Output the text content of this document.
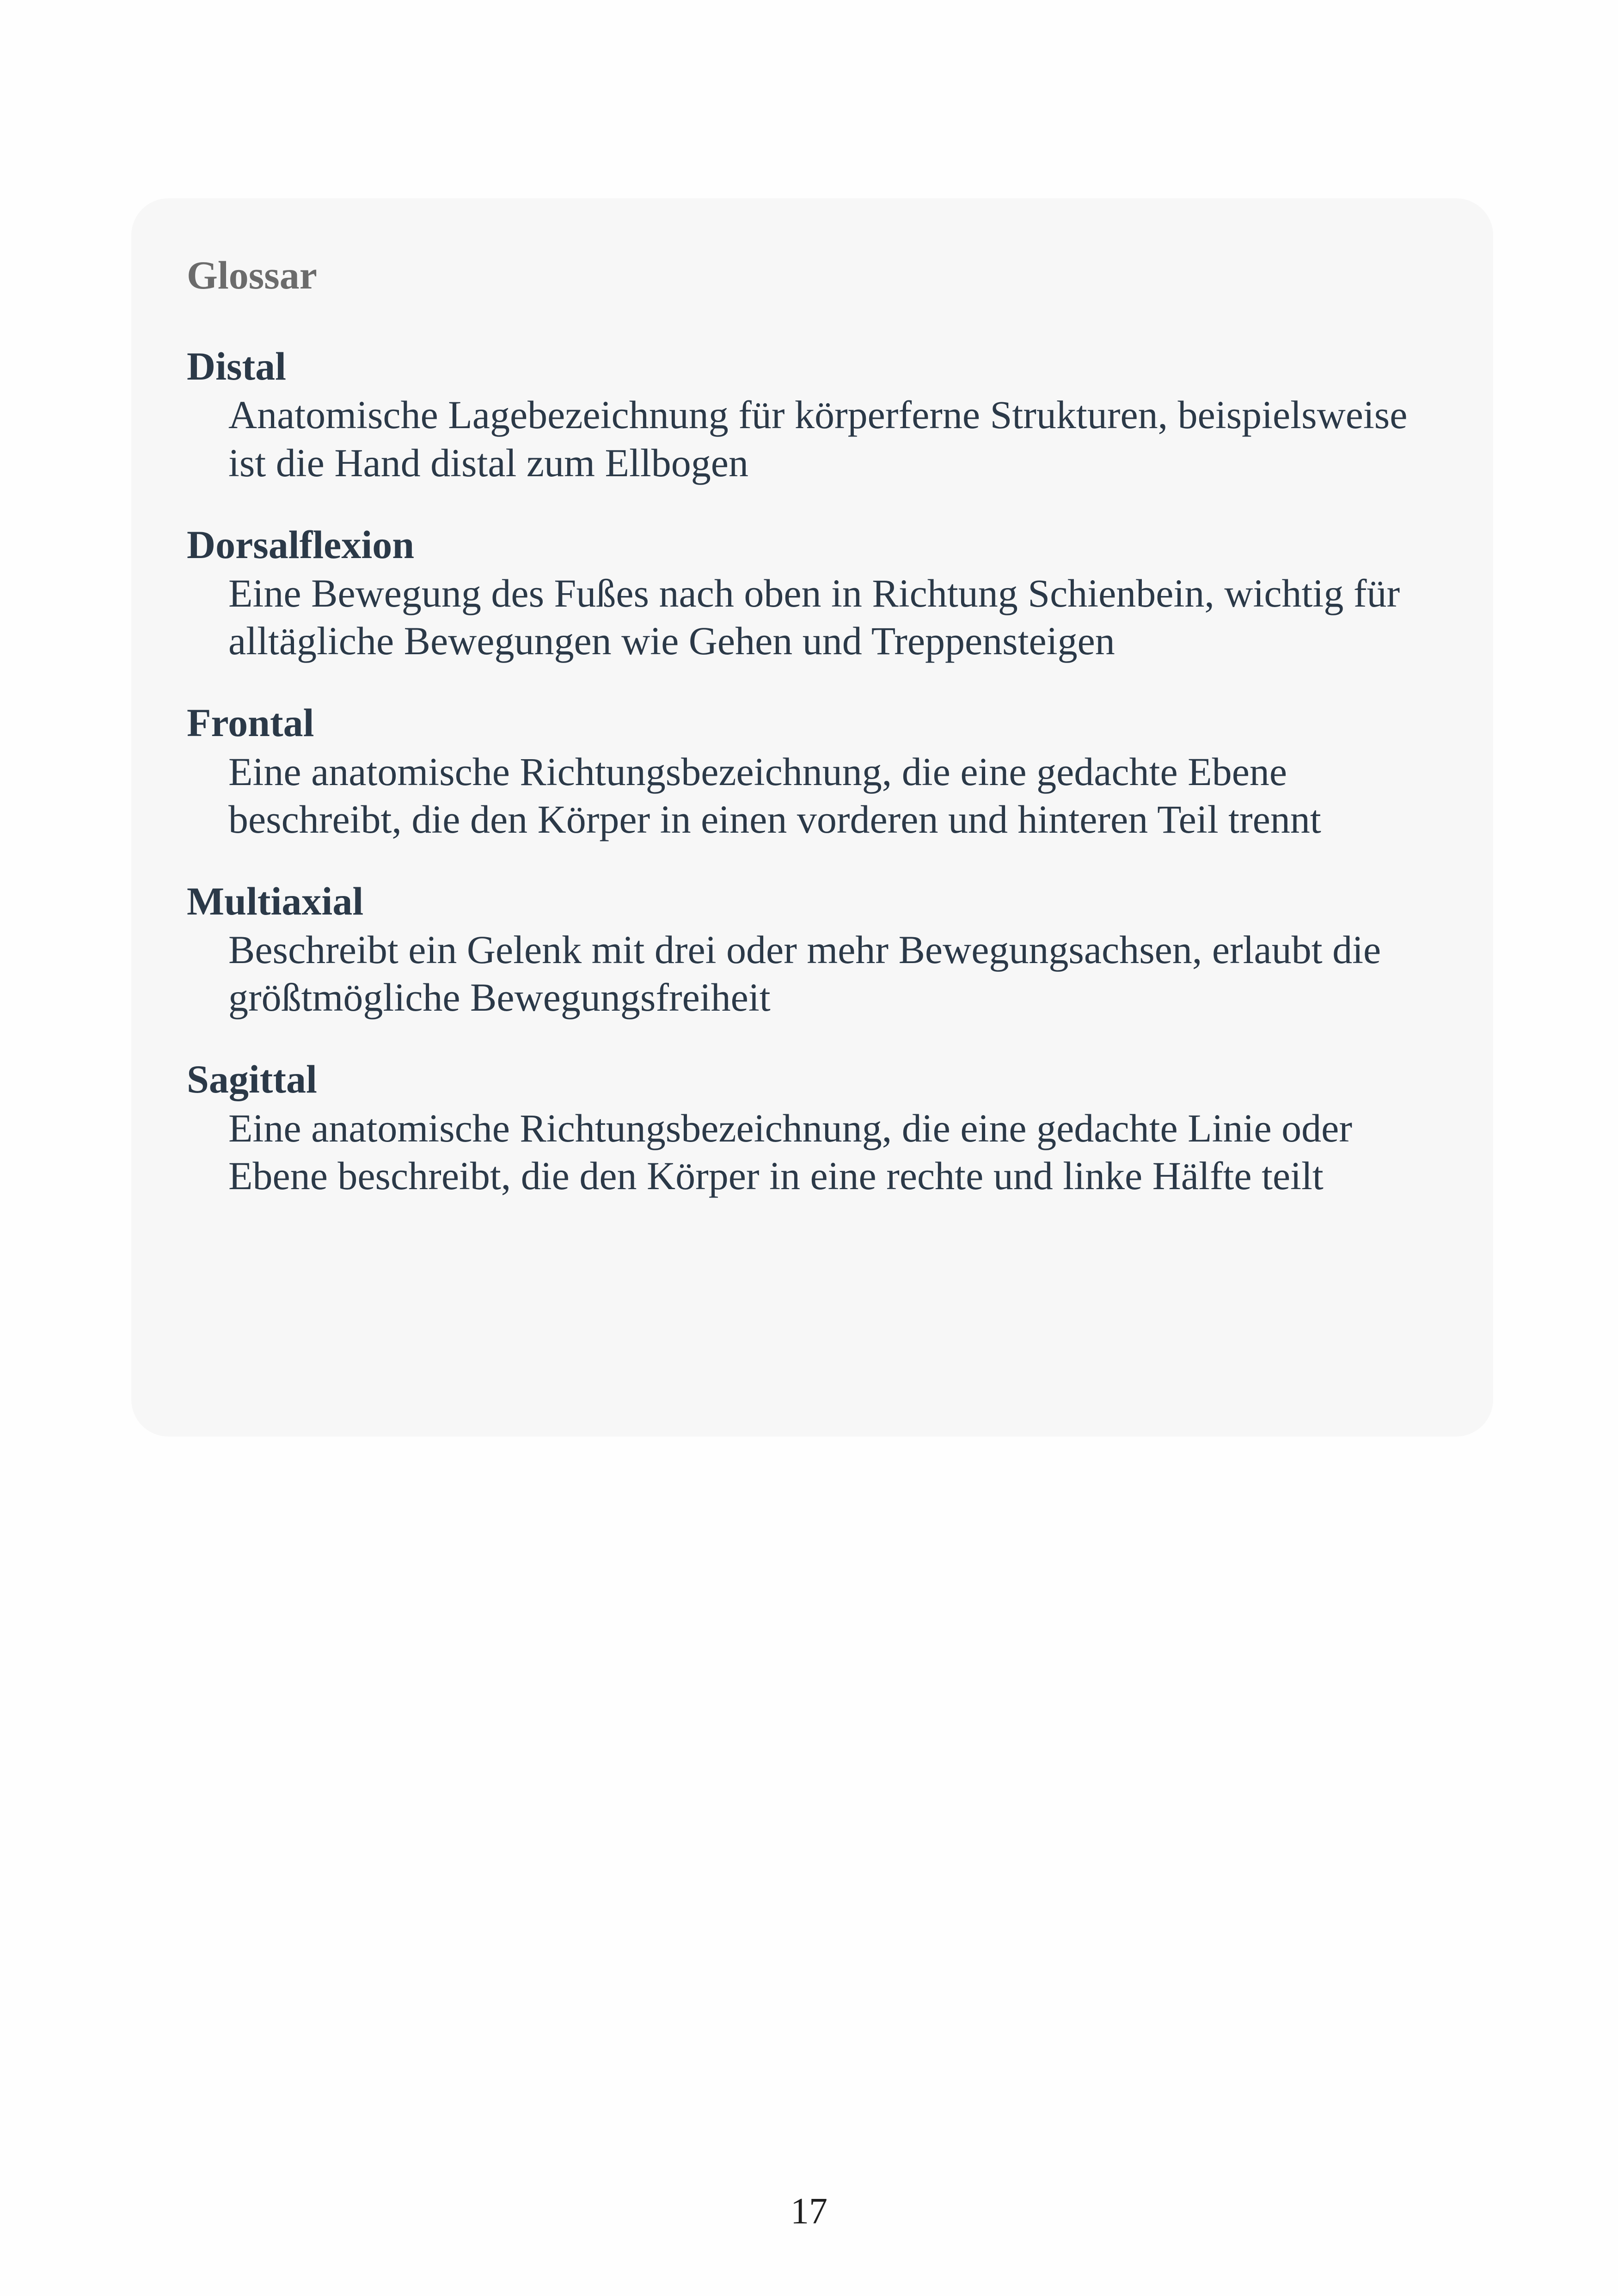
Glossar

Distal

Anatomische Lagebezeichnung für körperferne Strukturen, beispielsweise ist die Hand distal zum Ellbogen

Dorsalflexion

Eine Bewegung des Fußes nach oben in Richtung Schienbein, wichtig für alltägliche Bewegungen wie Gehen und Treppensteigen

Frontal

Eine anatomische Richtungsbezeichnung, die eine gedachte Ebene beschreibt, die den Körper in einen vorderen und hinteren Teil trennt

Multiaxial

Beschreibt ein Gelenk mit drei oder mehr Bewegungsachsen, erlaubt die größtmögliche Bewegungsfreiheit

Sagittal

Eine anatomische Richtungsbezeichnung, die eine gedachte Linie oder Ebene beschreibt, die den Körper in eine rechte und linke Hälfte teilt

17
